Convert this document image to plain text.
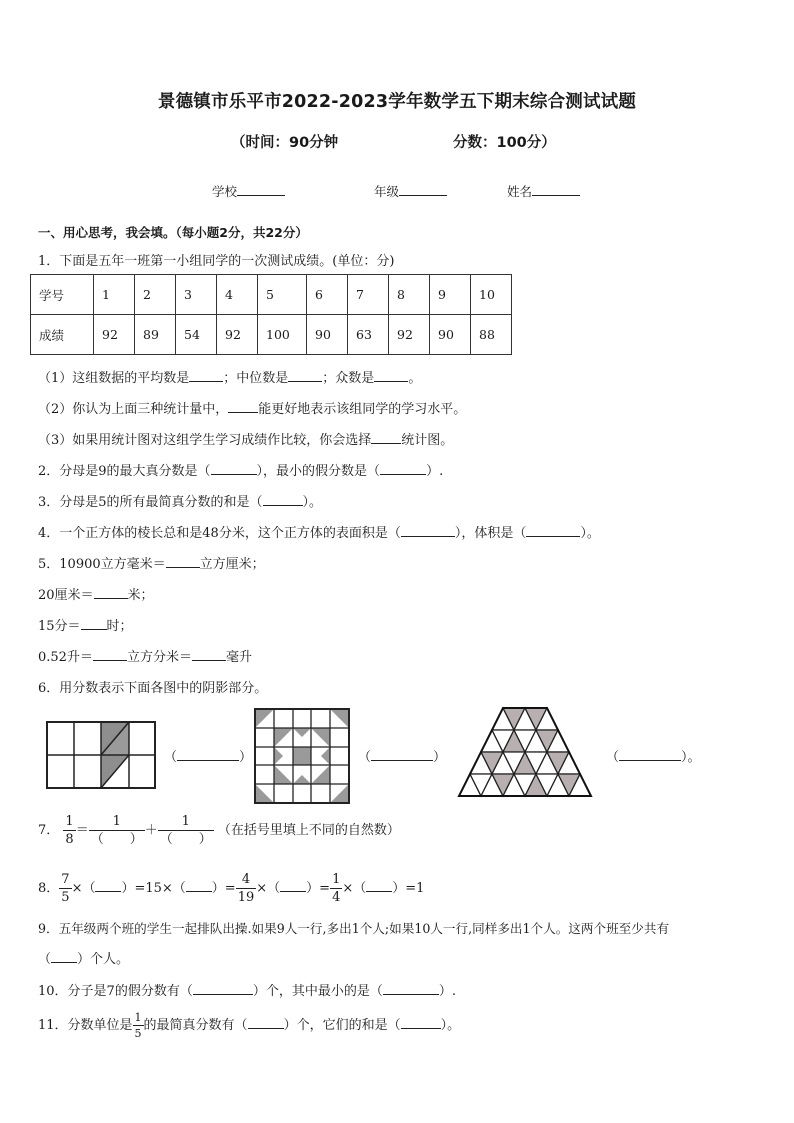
景德镇市乐平市2022-2023学年数学五下期末综合测试试题
（时间：90分钟	分数：100分）
学校	年级	姓名
一、用心思考，我会填。（每小题2分，共22分）
1．下面是五年一班第一小组同学的一次测试成绩。(单位：分)
学号	1	2	3	4	5	6	7	8	9	10
成绩	92	89	54	92	100	90	63	92	90	88
（1）这组数据的平均数是	；中位数是	；众数是	。
（2）你认为上面三种统计量中， 能更好地表示该组同学的学习水平。
（3）如果用统计图对这组学生学习成绩作比较，你会选择 统计图。
2．分母是9的最大真分数是（	），最小的假分数是（	）.
3．分母是5的所有最简真分数的和是（	）。
4．一个正方体的棱长总和是48分米，这个正方体的表面积是（	），体积是（	）。
5．10900立方毫米＝	立方厘米；
20厘米＝	米；
15分＝ 时；
0.52升＝	立方分米＝	毫升
6．用分数表示下面各图中的阴影部分。
（	）	（	）	（	）。
7． $\frac{1}{8} = \frac{1}{( )} + \frac{1}{( )}$ （在括号里填上不同的自然数）
8． $\frac{7}{5}$ ×（ ）=15×（ ）= $\frac{4}{19}$ ×（ ）= $\frac{1}{4}$ ×（ ）=1
9．五年级两个班的学生一起排队出操.如果9人一行,多出1个人;如果10人一行,同样多出1个人。这两个班至少共有
（ ）个人。
10．分子是7的假分数有（	）个，其中最小的是（	）.
11．分数单位是 $\frac{1}{5}$ 的最简真分数有（	）个，它们的和是（	）。
